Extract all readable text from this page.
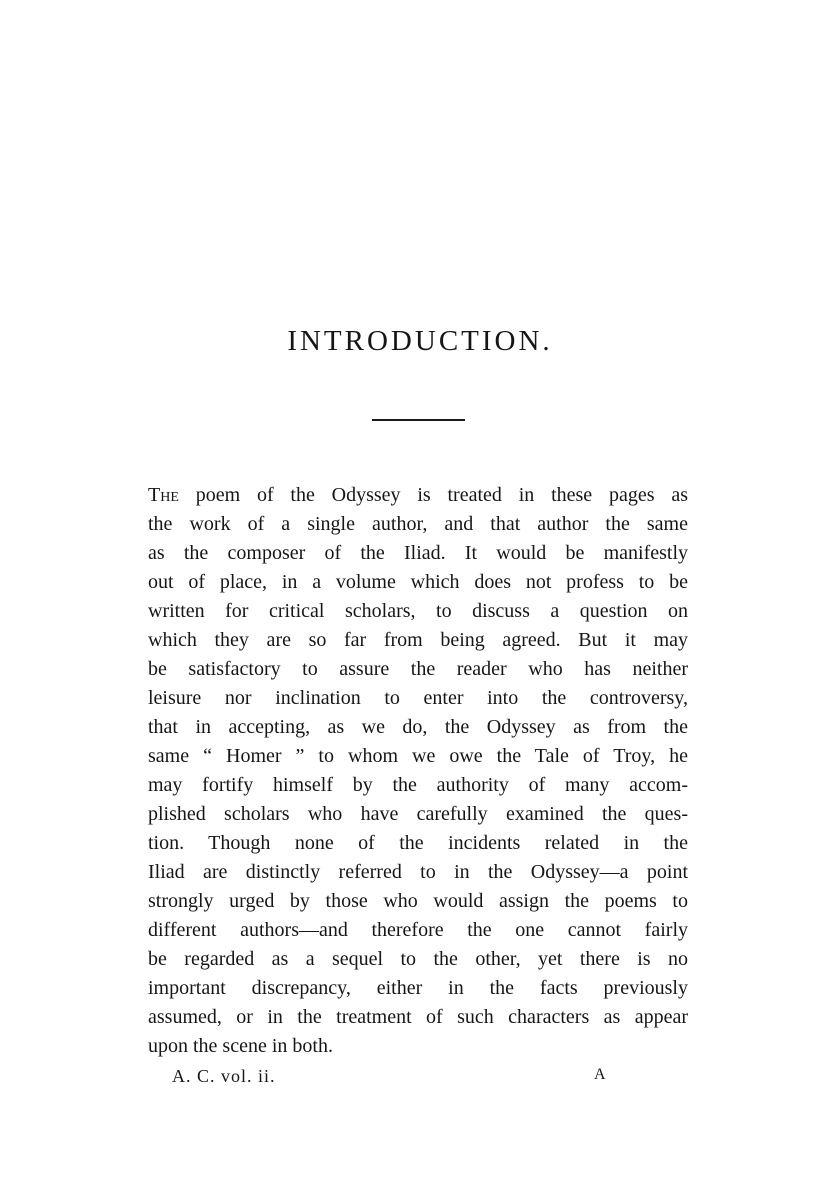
INTRODUCTION.
The poem of the Odyssey is treated in these pages as
the work of a single author, and that author the same
as the composer of the Iliad. It would be manifestly
out of place, in a volume which does not profess to be
written for critical scholars, to discuss a question on
which they are so far from being agreed. But it may
be satisfactory to assure the reader who has neither
leisure nor inclination to enter into the controversy,
that in accepting, as we do, the Odyssey as from the
same “ Homer ” to whom we owe the Tale of Troy, he
may fortify himself by the authority of many accom-
plished scholars who have carefully examined the ques-
tion. Though none of the incidents related in the
Iliad are distinctly referred to in the Odyssey—a point
strongly urged by those who would assign the poems to
different authors—and therefore the one cannot fairly
be regarded as a sequel to the other, yet there is no
important discrepancy, either in the facts previously
assumed, or in the treatment of such characters as appear
upon the scene in both.
A. C. vol. ii.	A
